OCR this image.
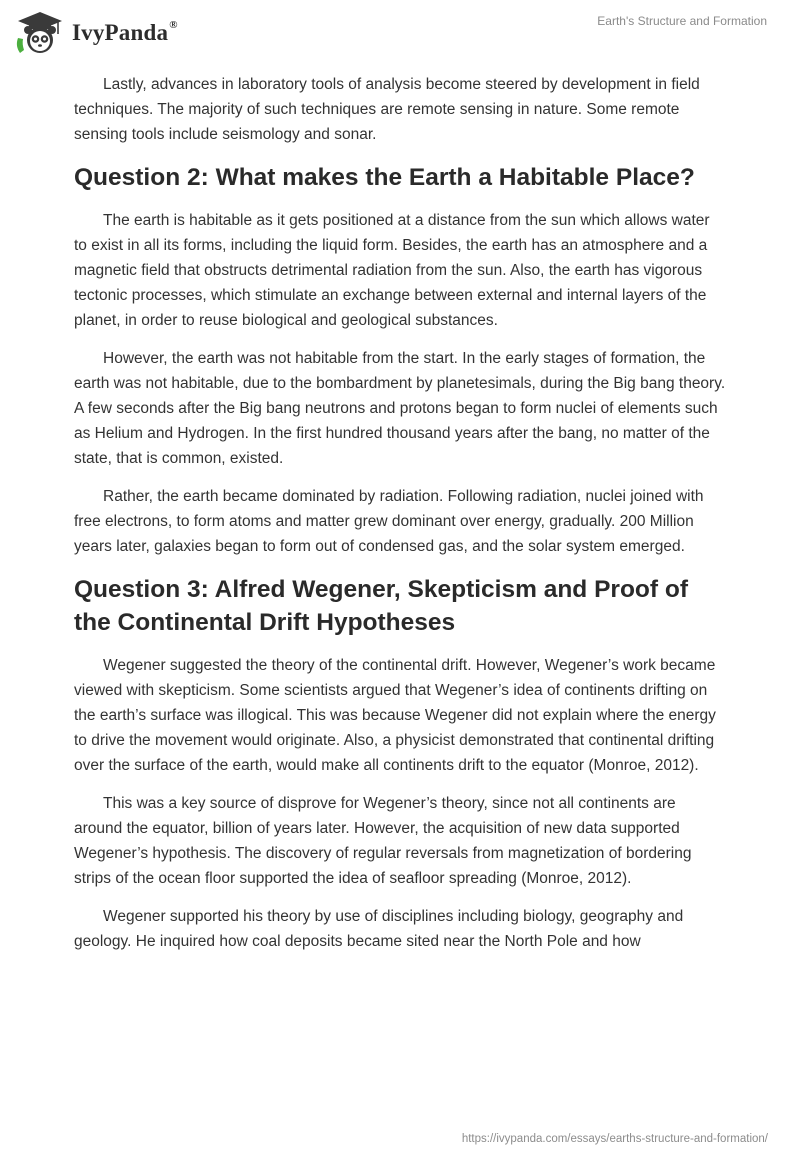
IvyPanda®	Earth's Structure and Formation

Lastly, advances in laboratory tools of analysis become steered by development in field techniques. The majority of such techniques are remote sensing in nature. Some remote sensing tools include seismology and sonar.

Question 2: What makes the Earth a Habitable Place?

The earth is habitable as it gets positioned at a distance from the sun which allows water to exist in all its forms, including the liquid form. Besides, the earth has an atmosphere and a magnetic field that obstructs detrimental radiation from the sun. Also, the earth has vigorous tectonic processes, which stimulate an exchange between external and internal layers of the planet, in order to reuse biological and geological substances.

However, the earth was not habitable from the start. In the early stages of formation, the earth was not habitable, due to the bombardment by planetesimals, during the Big bang theory. A few seconds after the Big bang neutrons and protons began to form nuclei of elements such as Helium and Hydrogen. In the first hundred thousand years after the bang, no matter of the state, that is common, existed.

Rather, the earth became dominated by radiation. Following radiation, nuclei joined with free electrons, to form atoms and matter grew dominant over energy, gradually. 200 Million years later, galaxies began to form out of condensed gas, and the solar system emerged.

Question 3: Alfred Wegener, Skepticism and Proof of the Continental Drift Hypotheses

Wegener suggested the theory of the continental drift. However, Wegener’s work became viewed with skepticism. Some scientists argued that Wegener’s idea of continents drifting on the earth’s surface was illogical. This was because Wegener did not explain where the energy to drive the movement would originate. Also, a physicist demonstrated that continental drifting over the surface of the earth, would make all continents drift to the equator (Monroe, 2012).

This was a key source of disprove for Wegener’s theory, since not all continents are around the equator, billion of years later. However, the acquisition of new data supported Wegener’s hypothesis. The discovery of regular reversals from magnetization of bordering strips of the ocean floor supported the idea of seafloor spreading (Monroe, 2012).

Wegener supported his theory by use of disciplines including biology, geography and geology. He inquired how coal deposits became sited near the North Pole and how

https://ivypanda.com/essays/earths-structure-and-formation/
